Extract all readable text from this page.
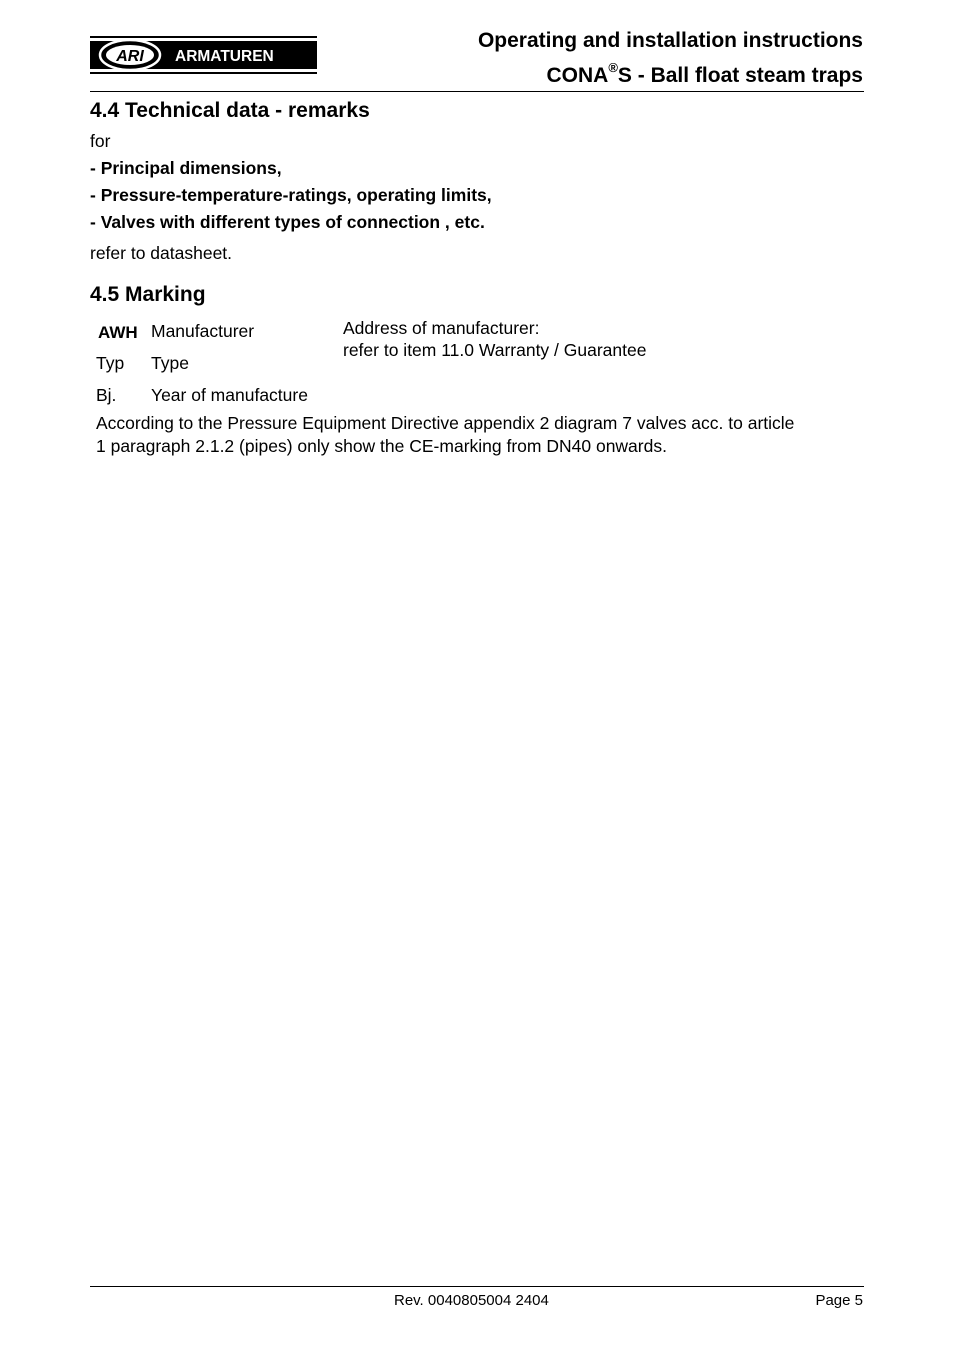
ARI ARMATUREN
Operating and installation instructions
CONA®S - Ball float steam traps
4.4 Technical data - remarks
for
- Principal dimensions,
- Pressure-temperature-ratings, operating limits,
- Valves with different types of connection , etc.
refer to datasheet.
4.5 Marking
AWH Manufacturer
Typ Type
Bj. Year of manufacture
Address of manufacturer:
refer to item 11.0 Warranty / Guarantee
According to the Pressure Equipment Directive appendix 2 diagram 7 valves acc. to article
1 paragraph 2.1.2 (pipes) only show the CE-marking from DN40 onwards.
Rev. 0040805004 2404	Page 5
